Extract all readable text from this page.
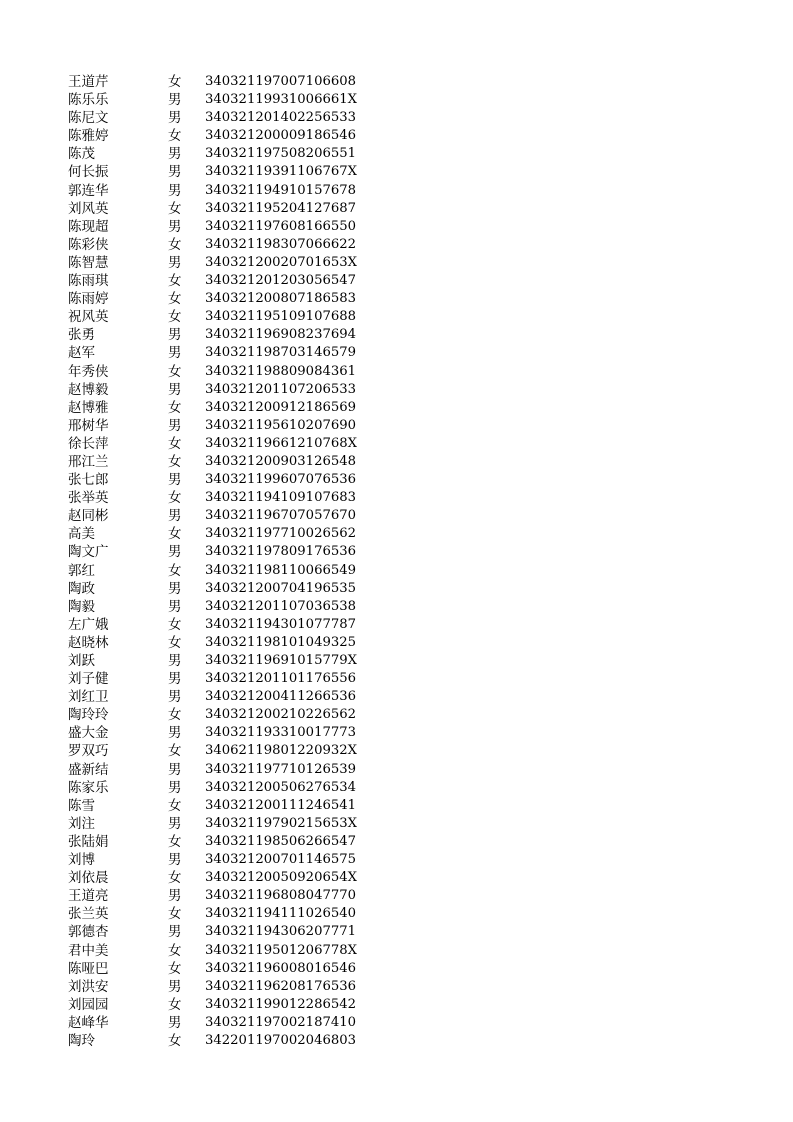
王道芹	女 340321197007106608
陈乐乐	男 34032119931006661X
陈尼文	男 340321201402256533
陈雅婷	女 340321200009186546
陈茂	男 340321197508206551
何长振	男 34032119391106767X
郭连华	男 340321194910157678
刘风英	女 340321195204127687
陈现超	男 340321197608166550
陈彩侠	女 340321198307066622
陈智慧	男 34032120020701653X
陈雨琪	女 340321201203056547
陈雨婷	女 340321200807186583
祝风英	女 340321195109107688
张勇	男 340321196908237694
赵军	男 340321198703146579
年秀侠	女 340321198809084361
赵博毅	男 340321201107206533
赵博雅	女 340321200912186569
邢树华	男 340321195610207690
徐长萍	女 34032119661210768X
邢江兰	女 340321200903126548
张七郎	男 340321199607076536
张举英	女 340321194109107683
赵同彬	男 340321196707057670
高美	女 340321197710026562
陶文广	男 340321197809176536
郭红	女 340321198110066549
陶政	男 340321200704196535
陶毅	男 340321201107036538
左广娥	女 340321194301077787
赵晓林	女 340321198101049325
刘跃	男 34032119691015779X
刘子健	男 340321201101176556
刘红卫	男 340321200411266536
陶玲玲	女 340321200210226562
盛大金	男 340321193310017773
罗双巧	女 34062119801220932X
盛新结	男 340321197710126539
陈家乐	男 340321200506276534
陈雪	女 340321200111246541
刘注	男 34032119790215653X
张陆娟	女 340321198506266547
刘博	男 340321200701146575
刘依晨	女 34032120050920654X
王道亮	男 340321196808047770
张兰英	女 340321194111026540
郭德杏	男 340321194306207771
君中美	女 34032119501206778X
陈哑巴	女 340321196008016546
刘洪安	男 340321196208176536
刘园园	女 340321199012286542
赵峰华	男 340321197002187410
陶玲	女 342201197002046803
